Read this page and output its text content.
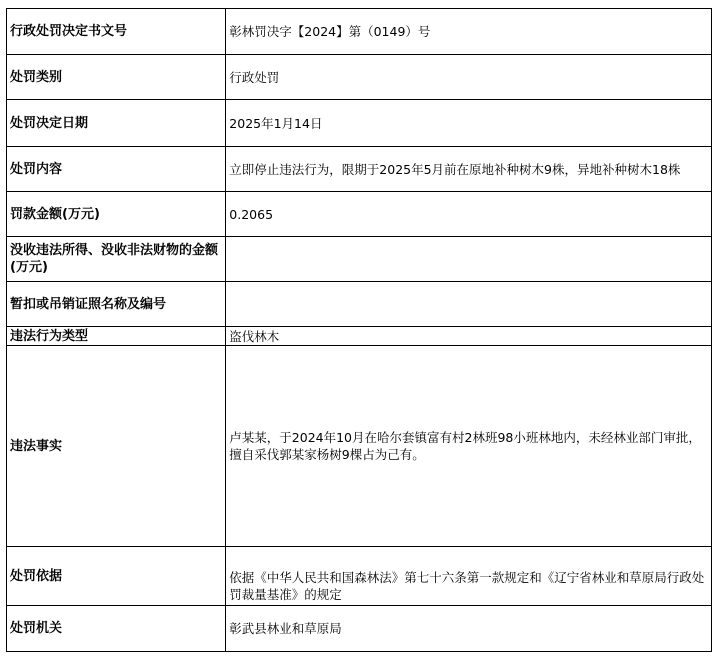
行政处罚决定书文号	彰林罚决字【2024】第（0149）号
处罚类别	行政处罚
处罚决定日期	2025年1月14日
处罚内容	立即停止违法行为，限期于2025年5月前在原地补种树木9株，异地补种树木18株
罚款金额(万元)	0.2065
没收违法所得、没收非法财物的金额(万元)	
暂扣或吊销证照名称及编号	
违法行为类型	盗伐林木
违法事实	卢某某，于2024年10月在哈尔套镇富有村2林班98小班林地内，未经林业部门审批，擅自采伐郭某家杨树9棵占为己有。
处罚依据	依据《中华人民共和国森林法》第七十六条第一款规定和《辽宁省林业和草原局行政处罚裁量基准》的规定
处罚机关	彰武县林业和草原局
